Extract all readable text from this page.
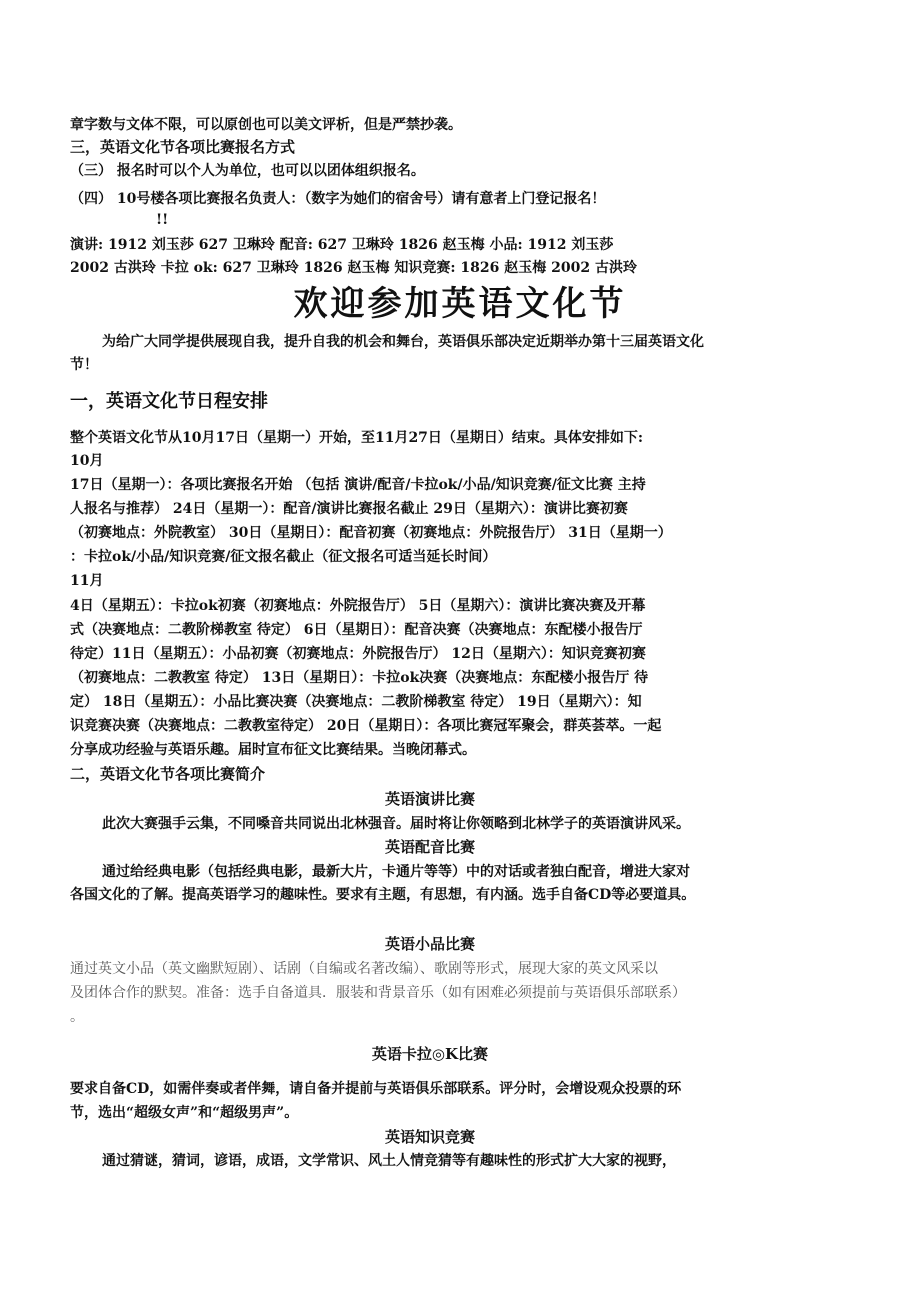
章字数与文体不限，可以原创也可以美文评析，但是严禁抄袭。
三，英语文化节各项比赛报名方式
（三） 报名时可以个人为单位，也可以以团体组织报名。
（四） 10号楼各项比赛报名负责人：（数字为她们的宿舍号）请有意者上门登记报名！
!!
演讲: 1912 刘玉莎 627 卫琳玲 配音: 627 卫琳玲 1826 赵玉梅 小品: 1912 刘玉莎
2002 古洪玲 卡拉 ok: 627 卫琳玲 1826 赵玉梅 知识竞赛: 1826 赵玉梅 2002 古洪玲
欢迎参加英语文化节
为给广大同学提供展现自我，提升自我的机会和舞台，英语俱乐部决定近期举办第十三届英语文化
节！
一，英语文化节日程安排
整个英语文化节从10月17日（星期一）开始，至11月27日（星期日）结束。具体安排如下:
10月
17日（星期一）：各项比赛报名开始 （包括 演讲/配音/卡拉ok/小品/知识竞赛/征文比赛 主持
人报名与推荐） 24日（星期一）：配音/演讲比赛报名截止 29日（星期六）：演讲比赛初赛
（初赛地点：外院教室） 30日（星期日）：配音初赛（初赛地点：外院报告厅） 31日（星期一）
：卡拉ok/小品/知识竞赛/征文报名截止（征文报名可适当延长时间）
11月
4日（星期五）：卡拉ok初赛（初赛地点：外院报告厅） 5日（星期六）：演讲比赛决赛及开幕
式（决赛地点：二教阶梯教室 待定） 6日（星期日）：配音决赛（决赛地点：东配楼小报告厅
待定）11日（星期五）：小品初赛（初赛地点：外院报告厅） 12日（星期六）：知识竞赛初赛
（初赛地点：二教教室 待定） 13日（星期日）：卡拉ok决赛（决赛地点：东配楼小报告厅 待
定） 18日（星期五）：小品比赛决赛（决赛地点：二教阶梯教室 待定） 19日（星期六）：知
识竞赛决赛（决赛地点：二教教室待定） 20日（星期日）：各项比赛冠军聚会，群英荟萃。一起
分享成功经验与英语乐趣。届时宣布征文比赛结果。当晚闭幕式。
二，英语文化节各项比赛简介
英语演讲比赛
此次大赛强手云集，不同嗓音共同说出北林强音。届时将让你领略到北林学子的英语演讲风采。
英语配音比赛
通过给经典电影（包括经典电影，最新大片，卡通片等等）中的对话或者独白配音，增进大家对
各国文化的了解。提高英语学习的趣味性。要求有主题，有思想，有内涵。选手自备CD等必要道具。
英语小品比赛
通过英文小品（英文幽默短剧）、话剧（自编或名著改编）、歌剧等形式，展现大家的英文风采以
及团体合作的默契。准备：选手自备道具．服装和背景音乐（如有困难必须提前与英语俱乐部联系）
。
英语卡拉◎K比赛
要求自备CD，如需伴奏或者伴舞，请自备并提前与英语俱乐部联系。评分时，会增设观众投票的环
节，选出“超级女声”和“超级男声”。
英语知识竞赛
通过猜谜，猜词，谚语，成语，文学常识、风土人情竞猜等有趣味性的形式扩大大家的视野，
